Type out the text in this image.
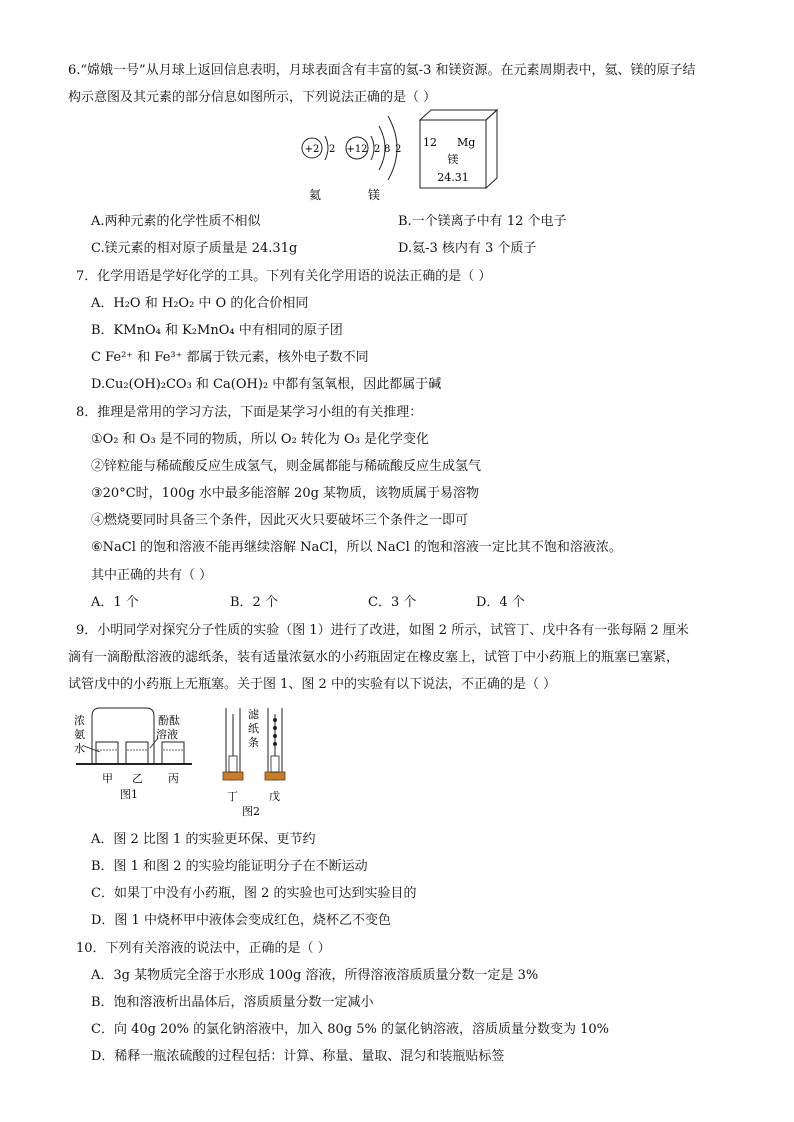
6.“嫦娥一号”从月球上返回信息表明，月球表面含有丰富的氦-3 和镁资源。在元素周期表中，氦、镁的原子结
构示意图及其元素的部分信息如图所示，下列说法正确的是（ ）
+2 2
氦
+12 2 8 2
镁
12 Mg
镁
24.31
A.两种元素的化学性质不相似	B.一个镁离子中有 12 个电子
C.镁元素的相对原子质量是 24.31g	D.氦-3 核内有 3 个质子
7．化学用语是学好化学的工具。下列有关化学用语的说法正确的是（ ）
A．H₂O 和 H₂O₂ 中 O 的化合价相同
B．KMnO₄ 和 K₂MnO₄ 中有相同的原子团
C Fe²⁺ 和 Fe³⁺ 都属于铁元素，核外电子数不同
D.Cu₂(OH)₂CO₃ 和 Ca(OH)₂ 中都有氢氧根，因此都属于碱
8．推理是常用的学习方法，下面是某学习小组的有关推理：
①O₂ 和 O₃ 是不同的物质，所以 O₂ 转化为 O₃ 是化学变化
②锌粒能与稀硫酸反应生成氢气，则金属都能与稀硫酸反应生成氢气
③20°C时，100g 水中最多能溶解 20g 某物质，该物质属于易溶物
④燃烧要同时具备三个条件，因此灭火只要破坏三个条件之一即可
⑥NaCl 的饱和溶液不能再继续溶解 NaCl，所以 NaCl 的饱和溶液一定比其不饱和溶液浓。
其中正确的共有（ ）
A．1 个	B．2 个	C．3 个	D．4 个
9．小明同学对探究分子性质的实验（图 1）进行了改进，如图 2 所示，试管丁、戊中各有一张每隔 2 厘米
滴有一滴酚酞溶液的滤纸条，装有适量浓氨水的小药瓶固定在橡皮塞上，试管丁中小药瓶上的瓶塞已塞紧，
试管戊中的小药瓶上无瓶塞。关于图 1、图 2 中的实验有以下说法，不正确的是（ ）
浓
氨
水
酚酞
溶液
甲 乙 丙
图1
滤
纸
条
丁	戊
图2
A．图 2 比图 1 的实验更环保、更节约
B．图 1 和图 2 的实验均能证明分子在不断运动
C．如果丁中没有小药瓶，图 2 的实验也可达到实验目的
D．图 1 中烧杯甲中液体会变成红色，烧杯乙不变色
10．下列有关溶液的说法中，正确的是（ ）
A．3g 某物质完全溶于水形成 100g 溶液，所得溶液溶质质量分数一定是 3%
B．饱和溶液析出晶体后，溶质质量分数一定减小
C．向 40g 20% 的氯化钠溶液中，加入 80g 5% 的氯化钠溶液，溶质质量分数变为 10%
D．稀释一瓶浓硫酸的过程包括：计算、称量、量取、混匀和装瓶贴标签
